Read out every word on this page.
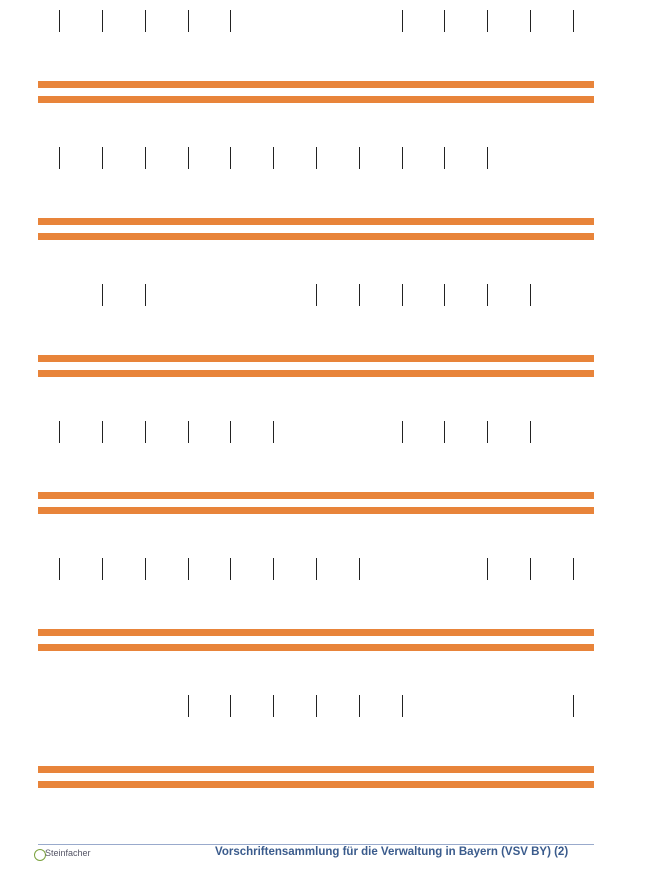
Steinfacher	Vorschriftensammlung für die Verwaltung in Bayern (VSV BY) (2)
